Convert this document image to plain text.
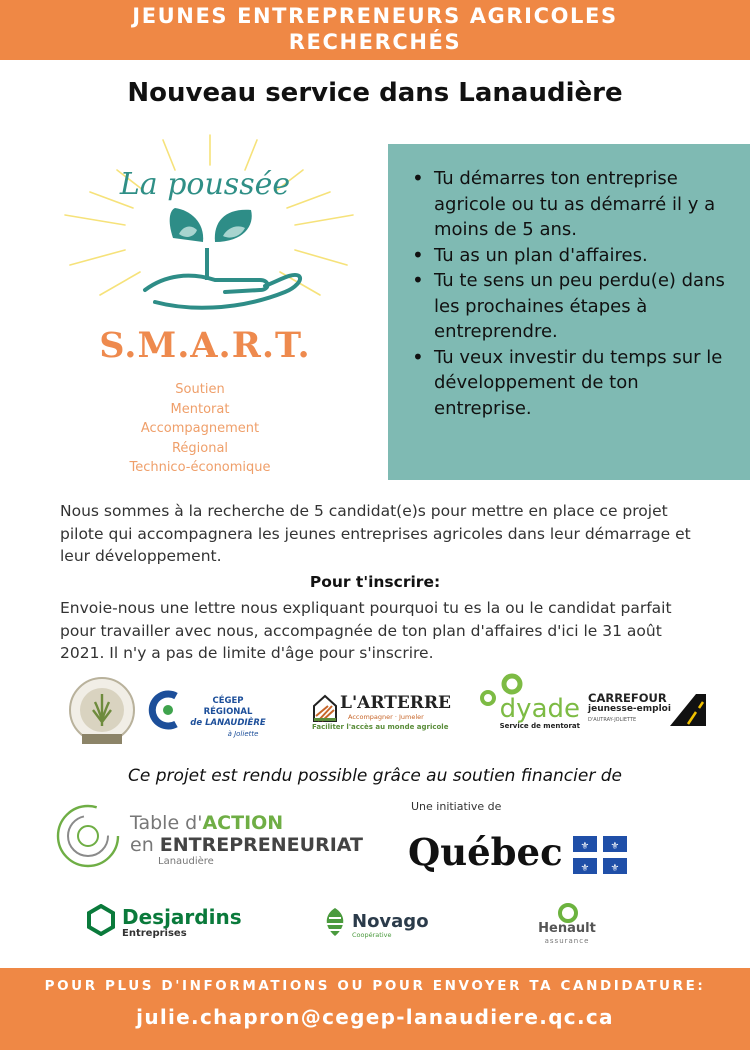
JEUNES ENTREPRENEURS AGRICOLES
RECHERCHÉS
Nouveau service dans Lanaudière
La poussée
S.M.A.R.T.
Soutien
Mentorat
Accompagnement
Régional
Technico-économique
• Tu démarres ton entreprise agricole ou tu as démarré il y a moins de 5 ans.
• Tu as un plan d'affaires.
• Tu te sens un peu perdu(e) dans les prochaines étapes à entreprendre.
• Tu veux investir du temps sur le développement de ton entreprise.

Nous sommes à la recherche de 5 candidat(e)s pour mettre en place ce projet pilote qui accompagnera les jeunes entreprises agricoles dans leur démarrage et leur développement.

Pour t'inscrire:

Envoie-nous une lettre nous expliquant pourquoi tu es la ou le candidat parfait pour travailler avec nous, accompagnée de ton plan d'affaires d'ici le 31 août 2021. Il n'y a pas de limite d'âge pour s'inscrire.

CÉGEP RÉGIONAL
de LANAUDIÈRE
à Joliette
L'ARTERRE
Accompagner · Jumeler
Faciliter l'accès au monde agricole
dyade
Service de mentorat
CARREFOUR
jeunesse-emploi
D'AUTRAY-JOLIETTE
Ce projet est rendu possible grâce au soutien financier de
Table d'ACTION
en ENTREPRENEURIAT
Lanaudière
Une initiative de
Québec ⚜ ⚜
⚜ ⚜
Desjardins
Entreprises
Novago
Coopérative	Henault
assurance
POUR PLUS D'INFORMATIONS OU POUR ENVOYER TA CANDIDATURE:
julie.chapron@cegep-lanaudiere.qc.ca
